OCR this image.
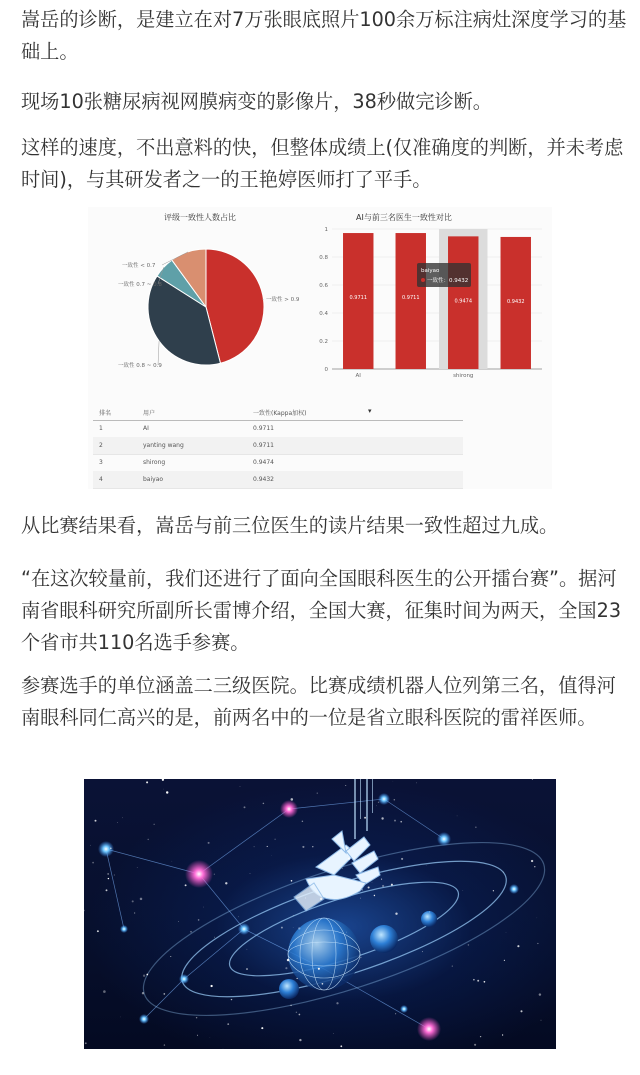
嵩岳的诊断，是建立在对7万张眼底照片100余万标注病灶深度学习的基础上。

现场10张糖尿病视网膜病变的影像片，38秒做完诊断。

这样的速度，不出意料的快，但整体成绩上(仅准确度的判断，并未考虑时间)，与其研发者之一的王艳婷医师打了平手。

评级一致性人数占比
一致性 > 0.9
一致性 0.8 ~ 0.9
一致性 0.7 ~ 0.8
一致性 < 0.7
AI与前三名医生一致性对比
0
0.2
0.4
0.6
0.8
1
0.9711	0.9711
0.9474	0.9432
AI	shirong
baiyao
一致性：0.9432
排名	用户	一致性(Kappa加权)	▾
1	AI	0.9711
2	yanting wang	0.9711
3	shirong	0.9474
4	baiyao	0.9432

从比赛结果看，嵩岳与前三位医生的读片结果一致性超过九成。

“在这次较量前，我们还进行了面向全国眼科医生的公开擂台赛”。据河南省眼科研究所副所长雷博介绍，全国大赛，征集时间为两天，全国23个省市共110名选手参赛。

参赛选手的单位涵盖二三级医院。比赛成绩机器人位列第三名，值得河南眼科同仁高兴的是，前两名中的一位是省立眼科医院的雷祥医师。
